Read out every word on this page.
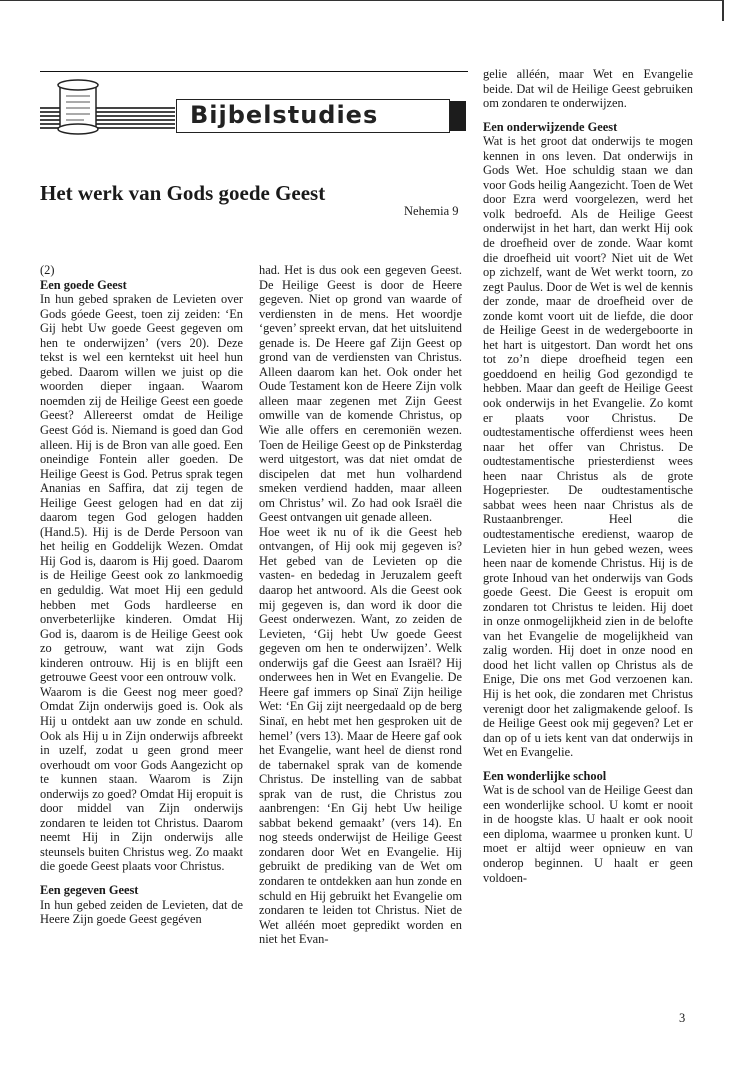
Bijbelstudies
Het werk van Gods goede Geest
Nehemia 9

(2)

Een goede Geest

In hun gebed spraken de Levieten over Gods góede Geest, toen zij zeiden: ‘En Gij hebt Uw goede Geest gegeven om hen te onderwijzen’ (vers 20). Deze tekst is wel een kerntekst uit heel hun gebed. Daarom willen we juist op die woorden dieper ingaan. Waarom noemden zij de Heilige Geest een goede Geest? Allereerst omdat de Heilige Geest Gód is. Niemand is goed dan God alleen. Hij is de Bron van alle goed. Een oneindige Fontein aller goeden. De Heilige Geest is God. Petrus sprak tegen Ananias en Saffira, dat zij tegen de Heilige Geest gelogen had en dat zij daarom tegen God gelogen hadden (Hand.5). Hij is de Derde Persoon van het heilig en Goddelijk Wezen. Omdat Hij God is, daarom is Hij goed. Daarom is de Heilige Geest ook zo lankmoedig en geduldig. Wat moet Hij een geduld hebben met Gods hardleerse en onverbeterlijke kinderen. Omdat Hij God is, daarom is de Heilige Geest ook zo getrouw, want wat zijn Gods kinderen ontrouw. Hij is en blijft een getrouwe Geest voor een ontrouw volk.

Waarom is die Geest nog meer goed? Omdat Zijn onderwijs goed is. Ook als Hij u ontdekt aan uw zonde en schuld. Ook als Hij u in Zijn onderwijs afbreekt in uzelf, zodat u geen grond meer overhoudt om voor Gods Aangezicht op te kunnen staan. Waarom is Zijn onderwijs zo goed? Omdat Hij eropuit is door middel van Zijn onderwijs zondaren te leiden tot Christus. Daarom neemt Hij in Zijn onderwijs alle steunsels buiten Christus weg. Zo maakt die goede Geest plaats voor Christus.

Een gegeven Geest

In hun gebed zeiden de Levieten, dat de Heere Zijn goede Geest gegéven

had. Het is dus ook een gegeven Geest. De Heilige Geest is door de Heere gegeven. Niet op grond van waarde of verdiensten in de mens. Het woordje ‘geven’ spreekt ervan, dat het uitsluitend genade is. De Heere gaf Zijn Geest op grond van de verdiensten van Christus. Alleen daarom kan het. Ook onder het Oude Testament kon de Heere Zijn volk alleen maar zegenen met Zijn Geest omwille van de komende Christus, op Wie alle offers en ceremoniën wezen. Toen de Heilige Geest op de Pinksterdag werd uitgestort, was dat niet omdat de discipelen dat met hun volhardend smeken verdiend hadden, maar alleen om Christus’ wil. Zo had ook Israël die Geest ontvangen uit genade alleen.

Hoe weet ik nu of ik die Geest heb ontvangen, of Hij ook mij gegeven is? Het gebed van de Levieten op die vasten- en bededag in Jeruzalem geeft daarop het antwoord. Als die Geest ook mij gegeven is, dan word ik door die Geest onderwezen. Want, zo zeiden de Levieten, ‘Gij hebt Uw goede Geest gegeven om hen te onderwijzen’. Welk onderwijs gaf die Geest aan Israël? Hij onderwees hen in Wet en Evangelie. De Heere gaf immers op Sinaï Zijn heilige Wet: ‘En Gij zijt neergedaald op de berg Sinaï, en hebt met hen gesproken uit de hemel’ (vers 13). Maar de Heere gaf ook het Evangelie, want heel de dienst rond de tabernakel sprak van de komende Christus. De instelling van de sabbat sprak van de rust, die Christus zou aanbrengen: ‘En Gij hebt Uw heilige sabbat bekend gemaakt’ (vers 14). En nog steeds onderwijst de Heilige Geest zondaren door Wet en Evangelie. Hij gebruikt de prediking van de Wet om zondaren te ontdekken aan hun zonde en schuld en Hij gebruikt het Evangelie om zondaren te leiden tot Christus. Niet de Wet alléén moet gepredikt worden en niet het Evan-

gelie alléén, maar Wet en Evangelie beide. Dat wil de Heilige Geest gebruiken om zondaren te onderwijzen.

Een onderwijzende Geest

Wat is het groot dat onderwijs te mogen kennen in ons leven. Dat onderwijs in Gods Wet. Hoe schuldig staan we dan voor Gods heilig Aangezicht. Toen de Wet door Ezra werd voorgelezen, werd het volk bedroefd. Als de Heilige Geest onderwijst in het hart, dan werkt Hij ook de droefheid over de zonde. Waar komt die droefheid uit voort? Niet uit de Wet op zichzelf, want de Wet werkt toorn, zo zegt Paulus. Door de Wet is wel de kennis der zonde, maar de droefheid over de zonde komt voort uit de liefde, die door de Heilige Geest in de wedergeboorte in het hart is uitgestort. Dan wordt het ons tot zo’n diepe droefheid tegen een goeddoend en heilig God gezondigd te hebben. Maar dan geeft de Heilige Geest ook onderwijs in het Evangelie. Zo komt er plaats voor Christus. De oudtestamentische offerdienst wees heen naar het offer van Christus. De oudtestamentische priesterdienst wees heen naar Christus als de grote Hogepriester. De oudtestamentische sabbat wees heen naar Christus als de Rustaanbrenger. Heel die oudtestamentische eredienst, waarop de Levieten hier in hun gebed wezen, wees heen naar de komende Christus. Hij is de grote Inhoud van het onderwijs van Gods goede Geest. Die Geest is eropuit om zondaren tot Christus te leiden. Hij doet in onze onmogelijkheid zien in de belofte van het Evangelie de mogelijkheid van zalig worden. Hij doet in onze nood en dood het licht vallen op Christus als de Enige, Die ons met God verzoenen kan. Hij is het ook, die zondaren met Christus verenigt door het zaligmakende geloof. Is de Heilige Geest ook mij gegeven? Let er dan op of u iets kent van dat onderwijs in Wet en Evangelie.

Een wonderlijke school

Wat is de school van de Heilige Geest dan een wonderlijke school. U komt er nooit in de hoogste klas. U haalt er ook nooit een diploma, waarmee u pronken kunt. U moet er altijd weer opnieuw en van onderop beginnen. U haalt er geen voldoen-

3
